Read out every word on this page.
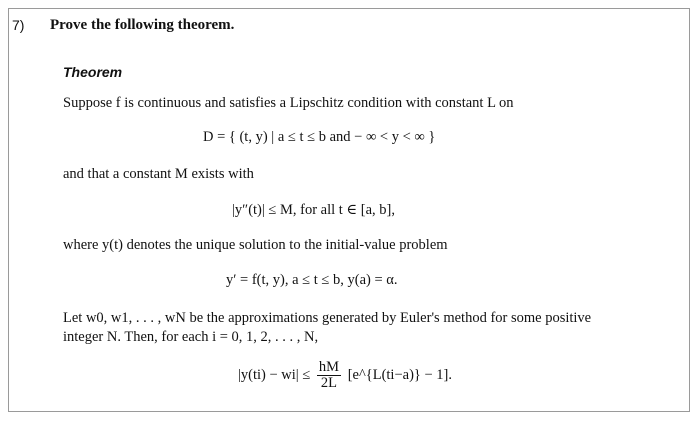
7) Prove the following theorem.
Theorem
Suppose f is continuous and satisfies a Lipschitz condition with constant L on
D = { (t, y) | a ≤ t ≤ b and − ∞ < y < ∞ }
and that a constant M exists with
|y″(t)| ≤ M, for all t ∈ [a, b],
where y(t) denotes the unique solution to the initial-value problem
y′ = f(t, y), a ≤ t ≤ b, y(a) = α.
Let w0, w1, . . . , wN be the approximations generated by Euler's method for some positive
integer N. Then, for each i = 0, 1, 2, . . . , N,
$|y(ti) - wi| \le \frac{hM}{2L}$ [e^{L(ti−a)} − 1].
